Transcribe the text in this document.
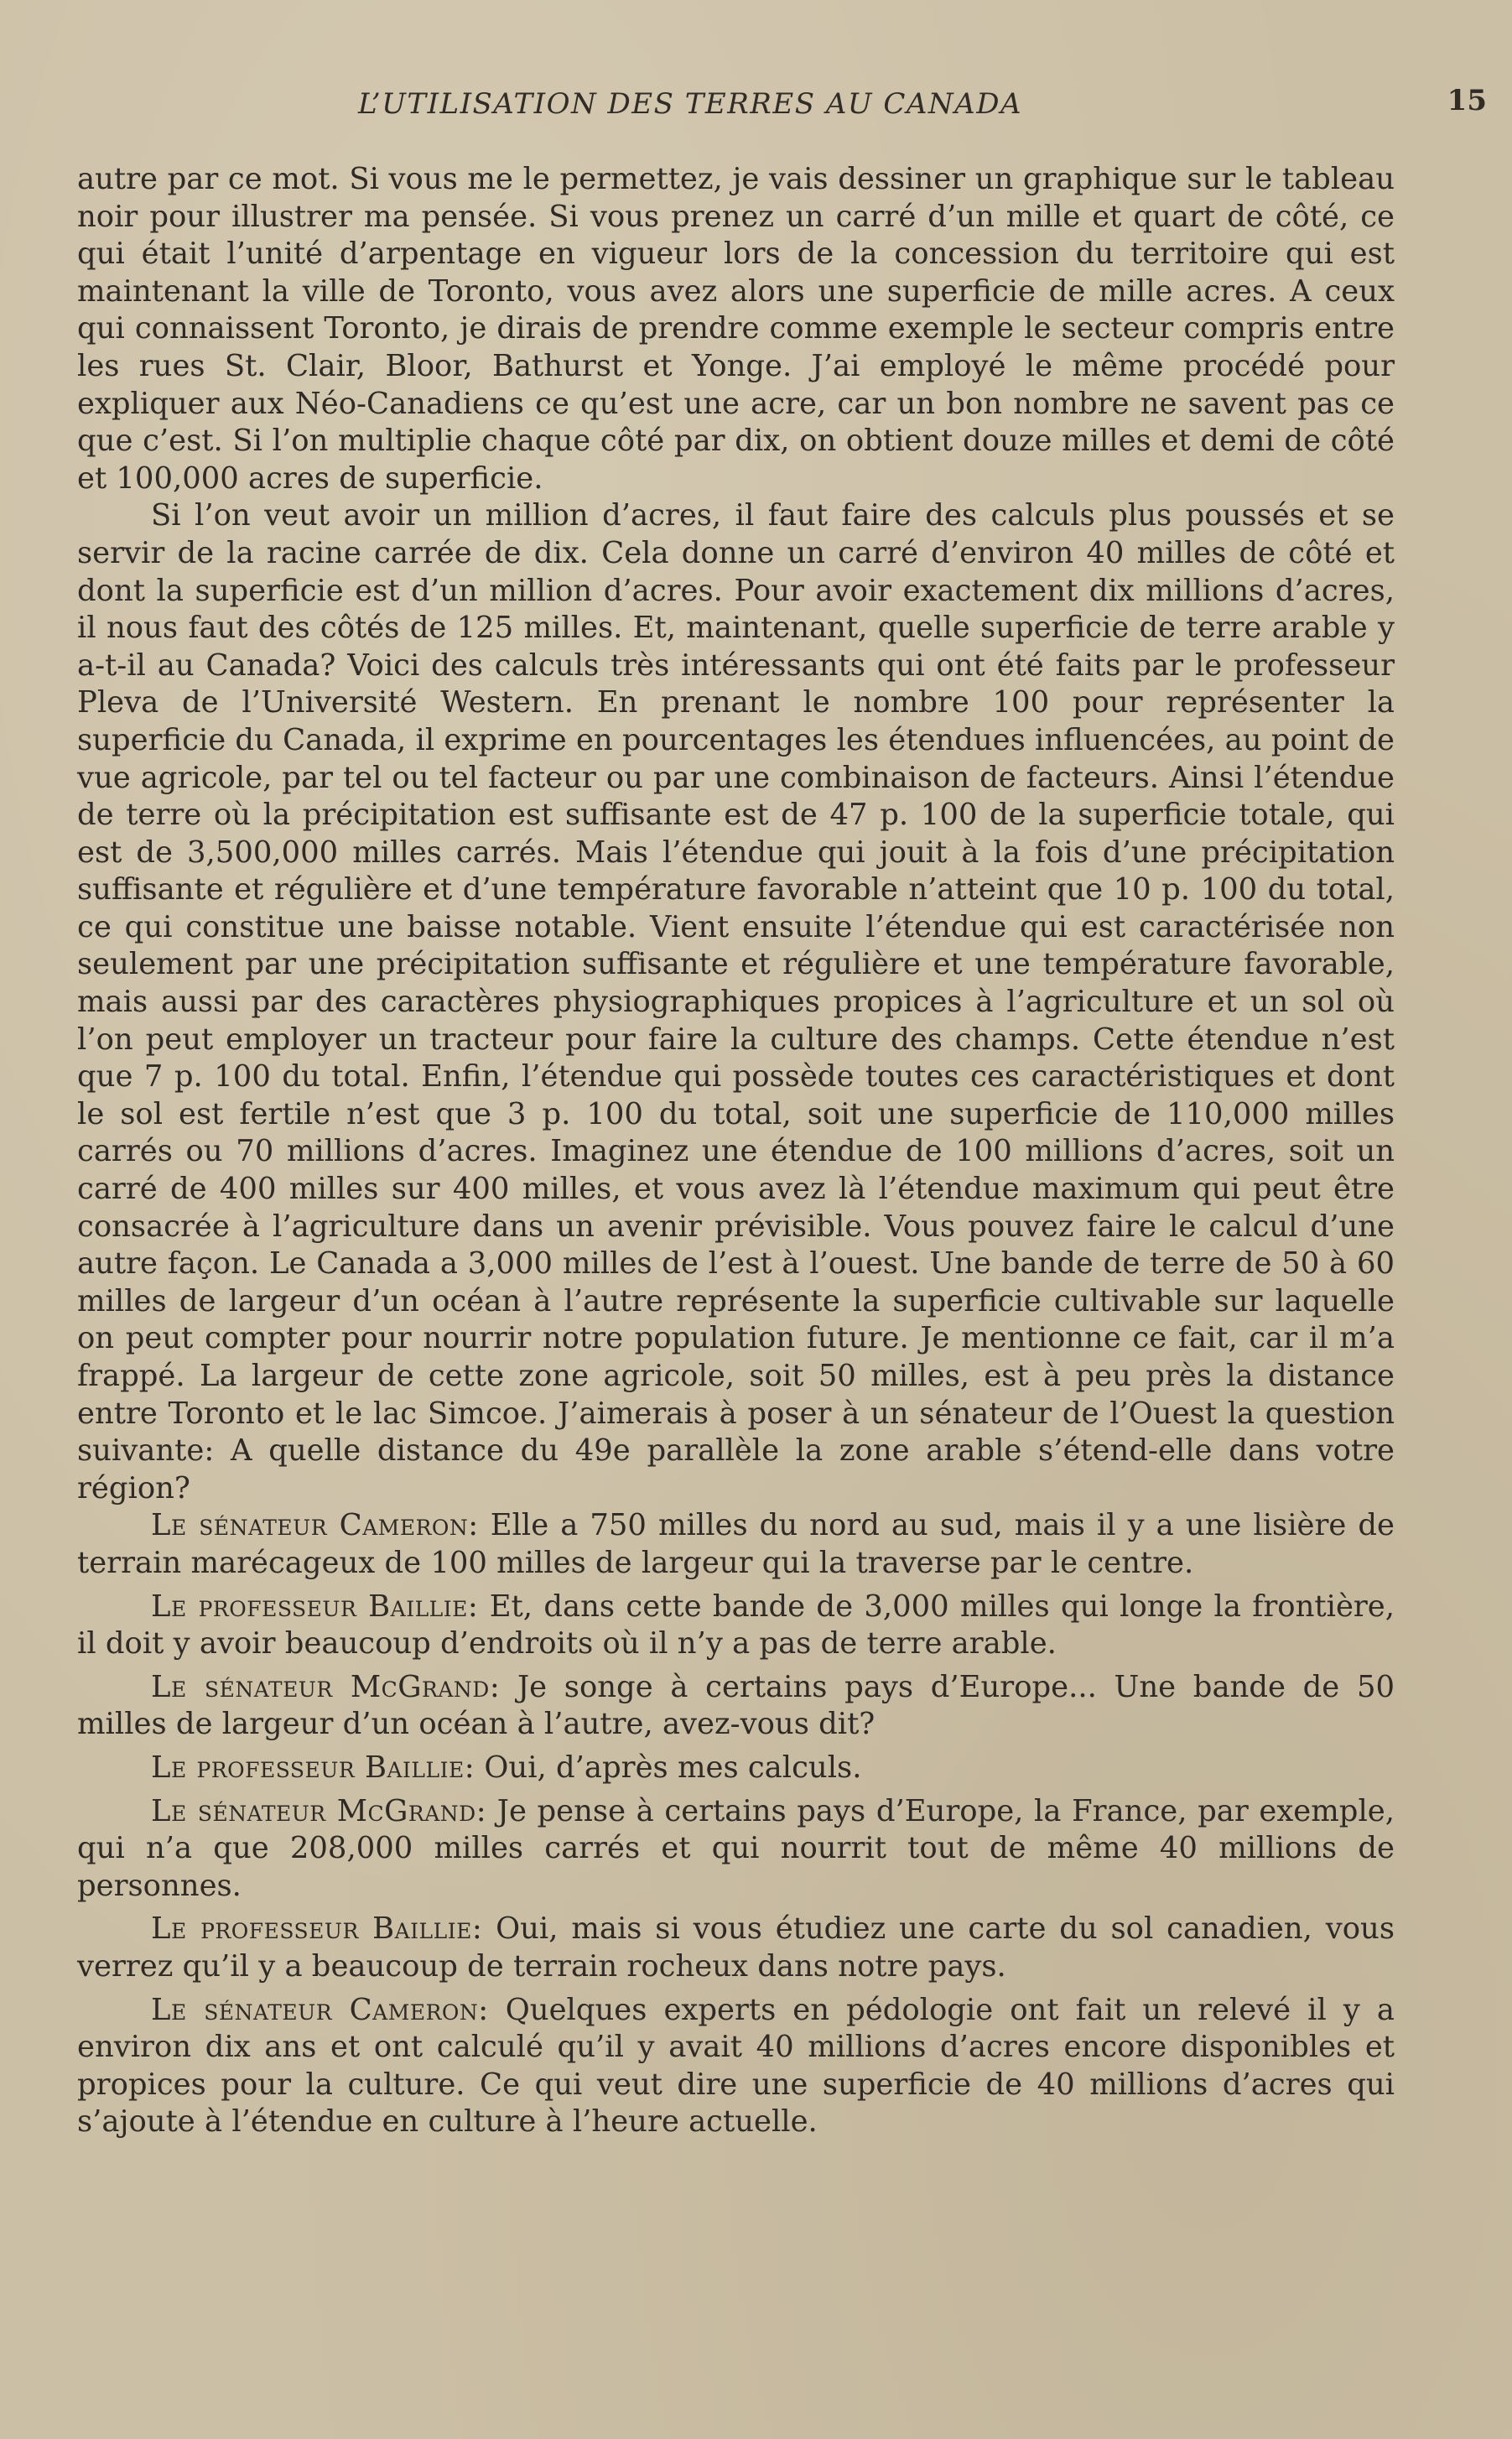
L’UTILISATION DES TERRES AU CANADA	15

autre par ce mot. Si vous me le permettez, je vais dessiner un graphique sur le tableau noir pour illustrer ma pensée. Si vous prenez un carré d’un mille et quart de côté, ce qui était l’unité d’arpentage en vigueur lors de la concession du territoire qui est maintenant la ville de Toronto, vous avez alors une superficie de mille acres. A ceux qui connaissent Toronto, je dirais de prendre comme exemple le secteur compris entre les rues St. Clair, Bloor, Bathurst et Yonge. J’ai employé le même procédé pour expliquer aux Néo-Canadiens ce qu’est une acre, car un bon nombre ne savent pas ce que c’est. Si l’on multiplie chaque côté par dix, on obtient douze milles et demi de côté et 100,000 acres de superficie.

Si l’on veut avoir un million d’acres, il faut faire des calculs plus poussés et se servir de la racine carrée de dix. Cela donne un carré d’environ 40 milles de côté et dont la superficie est d’un million d’acres. Pour avoir exactement dix millions d’acres, il nous faut des côtés de 125 milles. Et, maintenant, quelle superficie de terre arable y a-t-il au Canada? Voici des calculs très intéressants qui ont été faits par le professeur Pleva de l’Université Western. En prenant le nombre 100 pour représenter la superficie du Canada, il exprime en pourcentages les étendues influencées, au point de vue agricole, par tel ou tel facteur ou par une combinaison de facteurs. Ainsi l’étendue de terre où la précipitation est suffisante est de 47 p. 100 de la superficie totale, qui est de 3,500,000 milles carrés. Mais l’étendue qui jouit à la fois d’une précipitation suffisante et régulière et d’une température favorable n’atteint que 10 p. 100 du total, ce qui constitue une baisse notable. Vient ensuite l’étendue qui est caractérisée non seulement par une précipitation suffisante et régulière et une température favorable, mais aussi par des caractères physiographiques propices à l’agriculture et un sol où l’on peut employer un tracteur pour faire la culture des champs. Cette étendue n’est que 7 p. 100 du total. Enfin, l’étendue qui possède toutes ces caractéristiques et dont le sol est fertile n’est que 3 p. 100 du total, soit une superficie de 110,000 milles carrés ou 70 millions d’acres. Imaginez une étendue de 100 millions d’acres, soit un carré de 400 milles sur 400 milles, et vous avez là l’étendue maximum qui peut être consacrée à l’agriculture dans un avenir prévisible. Vous pouvez faire le calcul d’une autre façon. Le Canada a 3,000 milles de l’est à l’ouest. Une bande de terre de 50 à 60 milles de largeur d’un océan à l’autre représente la superficie cultivable sur laquelle on peut compter pour nourrir notre population future. Je mentionne ce fait, car il m’a frappé. La largeur de cette zone agricole, soit 50 milles, est à peu près la distance entre Toronto et le lac Simcoe. J’aimerais à poser à un sénateur de l’Ouest la question suivante: A quelle distance du 49e parallèle la zone arable s’étend-elle dans votre région?

Le sénateur Cameron: Elle a 750 milles du nord au sud, mais il y a une lisière de terrain marécageux de 100 milles de largeur qui la traverse par le centre.

Le professeur Baillie: Et, dans cette bande de 3,000 milles qui longe la frontière, il doit y avoir beaucoup d’endroits où il n’y a pas de terre arable.

Le sénateur McGrand: Je songe à certains pays d’Europe... Une bande de 50 milles de largeur d’un océan à l’autre, avez-vous dit?

Le professeur Baillie: Oui, d’après mes calculs.

Le sénateur McGrand: Je pense à certains pays d’Europe, la France, par exemple, qui n’a que 208,000 milles carrés et qui nourrit tout de même 40 millions de personnes.

Le professeur Baillie: Oui, mais si vous étudiez une carte du sol canadien, vous verrez qu’il y a beaucoup de terrain rocheux dans notre pays.

Le sénateur Cameron: Quelques experts en pédologie ont fait un relevé il y a environ dix ans et ont calculé qu’il y avait 40 millions d’acres encore disponibles et propices pour la culture. Ce qui veut dire une superficie de 40 millions d’acres qui s’ajoute à l’étendue en culture à l’heure actuelle.
